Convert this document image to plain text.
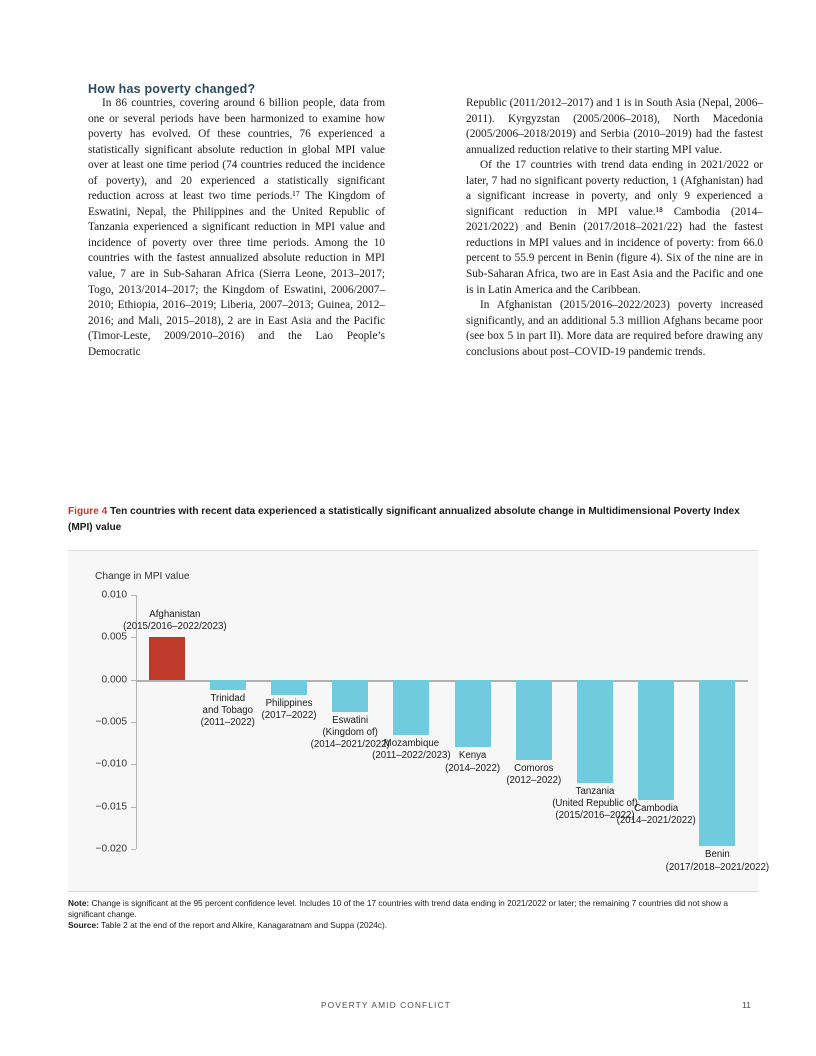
How has poverty changed?

In 86 countries, covering around 6 billion people, data from one or several periods have been harmonized to examine how poverty has evolved. Of these countries, 76 experienced a statistically significant absolute reduction in global MPI value over at least one time period (74 countries reduced the incidence of poverty), and 20 experienced a statistically significant reduction across at least two time periods.¹⁷ The Kingdom of Eswatini, Nepal, the Philippines and the United Republic of Tanzania experienced a significant reduction in MPI value and incidence of poverty over three time periods. Among the 10 countries with the fastest annualized absolute reduction in MPI value, 7 are in Sub-Saharan Africa (Sierra Leone, 2013–2017; Togo, 2013/2014–2017; the Kingdom of Eswatini, 2006/2007–2010; Ethiopia, 2016–2019; Liberia, 2007–2013; Guinea, 2012–2016; and Mali, 2015–2018), 2 are in East Asia and the Pacific (Timor-Leste, 2009/2010–2016) and the Lao People’s Democratic

Republic (2011/2012–2017) and 1 is in South Asia (Nepal, 2006–2011). Kyrgyzstan (2005/2006–2018), North Macedonia (2005/2006–2018/2019) and Serbia (2010–2019) had the fastest annualized reduction relative to their starting MPI value.

Of the 17 countries with trend data ending in 2021/2022 or later, 7 had no significant poverty reduction, 1 (Afghanistan) had a significant increase in poverty, and only 9 experienced a significant reduction in MPI value.¹⁸ Cambodia (2014–2021/2022) and Benin (2017/2018–2021/22) had the fastest reductions in MPI values and in incidence of poverty: from 66.0 percent to 55.9 percent in Benin (figure 4). Six of the nine are in Sub-Saharan Africa, two are in East Asia and the Pacific and one is in Latin America and the Caribbean.

In Afghanistan (2015/2016–2022/2023) poverty increased significantly, and an additional 5.3 million Afghans became poor (see box 5 in part II). More data are required before drawing any conclusions about post–COVID-19 pandemic trends.

Figure 4 Ten countries with recent data experienced a statistically significant annualized absolute change in Multidimensional Poverty Index (MPI) value
Change in MPI value
0.010
0.005
0.000
−0.005
−0.010
−0.015
−0.020
Afghanistan
(2015/2016–2022/2023)
Trinidad
and Tobago
(2011–2022)
Philippines
(2017–2022)	Eswatini
(Kingdom of)
(2014–2021/2022)
Mozambique
(2011–2022/2023) Kenya
(2014–2022)	Comoros
(2012–2022)
Tanzania
(United Republic of)
(2015/2016–2022)
Cambodia
(2014–2021/2022)
Benin
(2017/2018–2021/2022)

Note: Change is significant at the 95 percent confidence level. Includes 10 of the 17 countries with trend data ending in 2021/2022 or later; the remaining 7 countries did not show a significant change.

Source: Table 2 at the end of the report and Alkire, Kanagaratnam and Suppa (2024c).

POVERTY AMID CONFLICT	11
